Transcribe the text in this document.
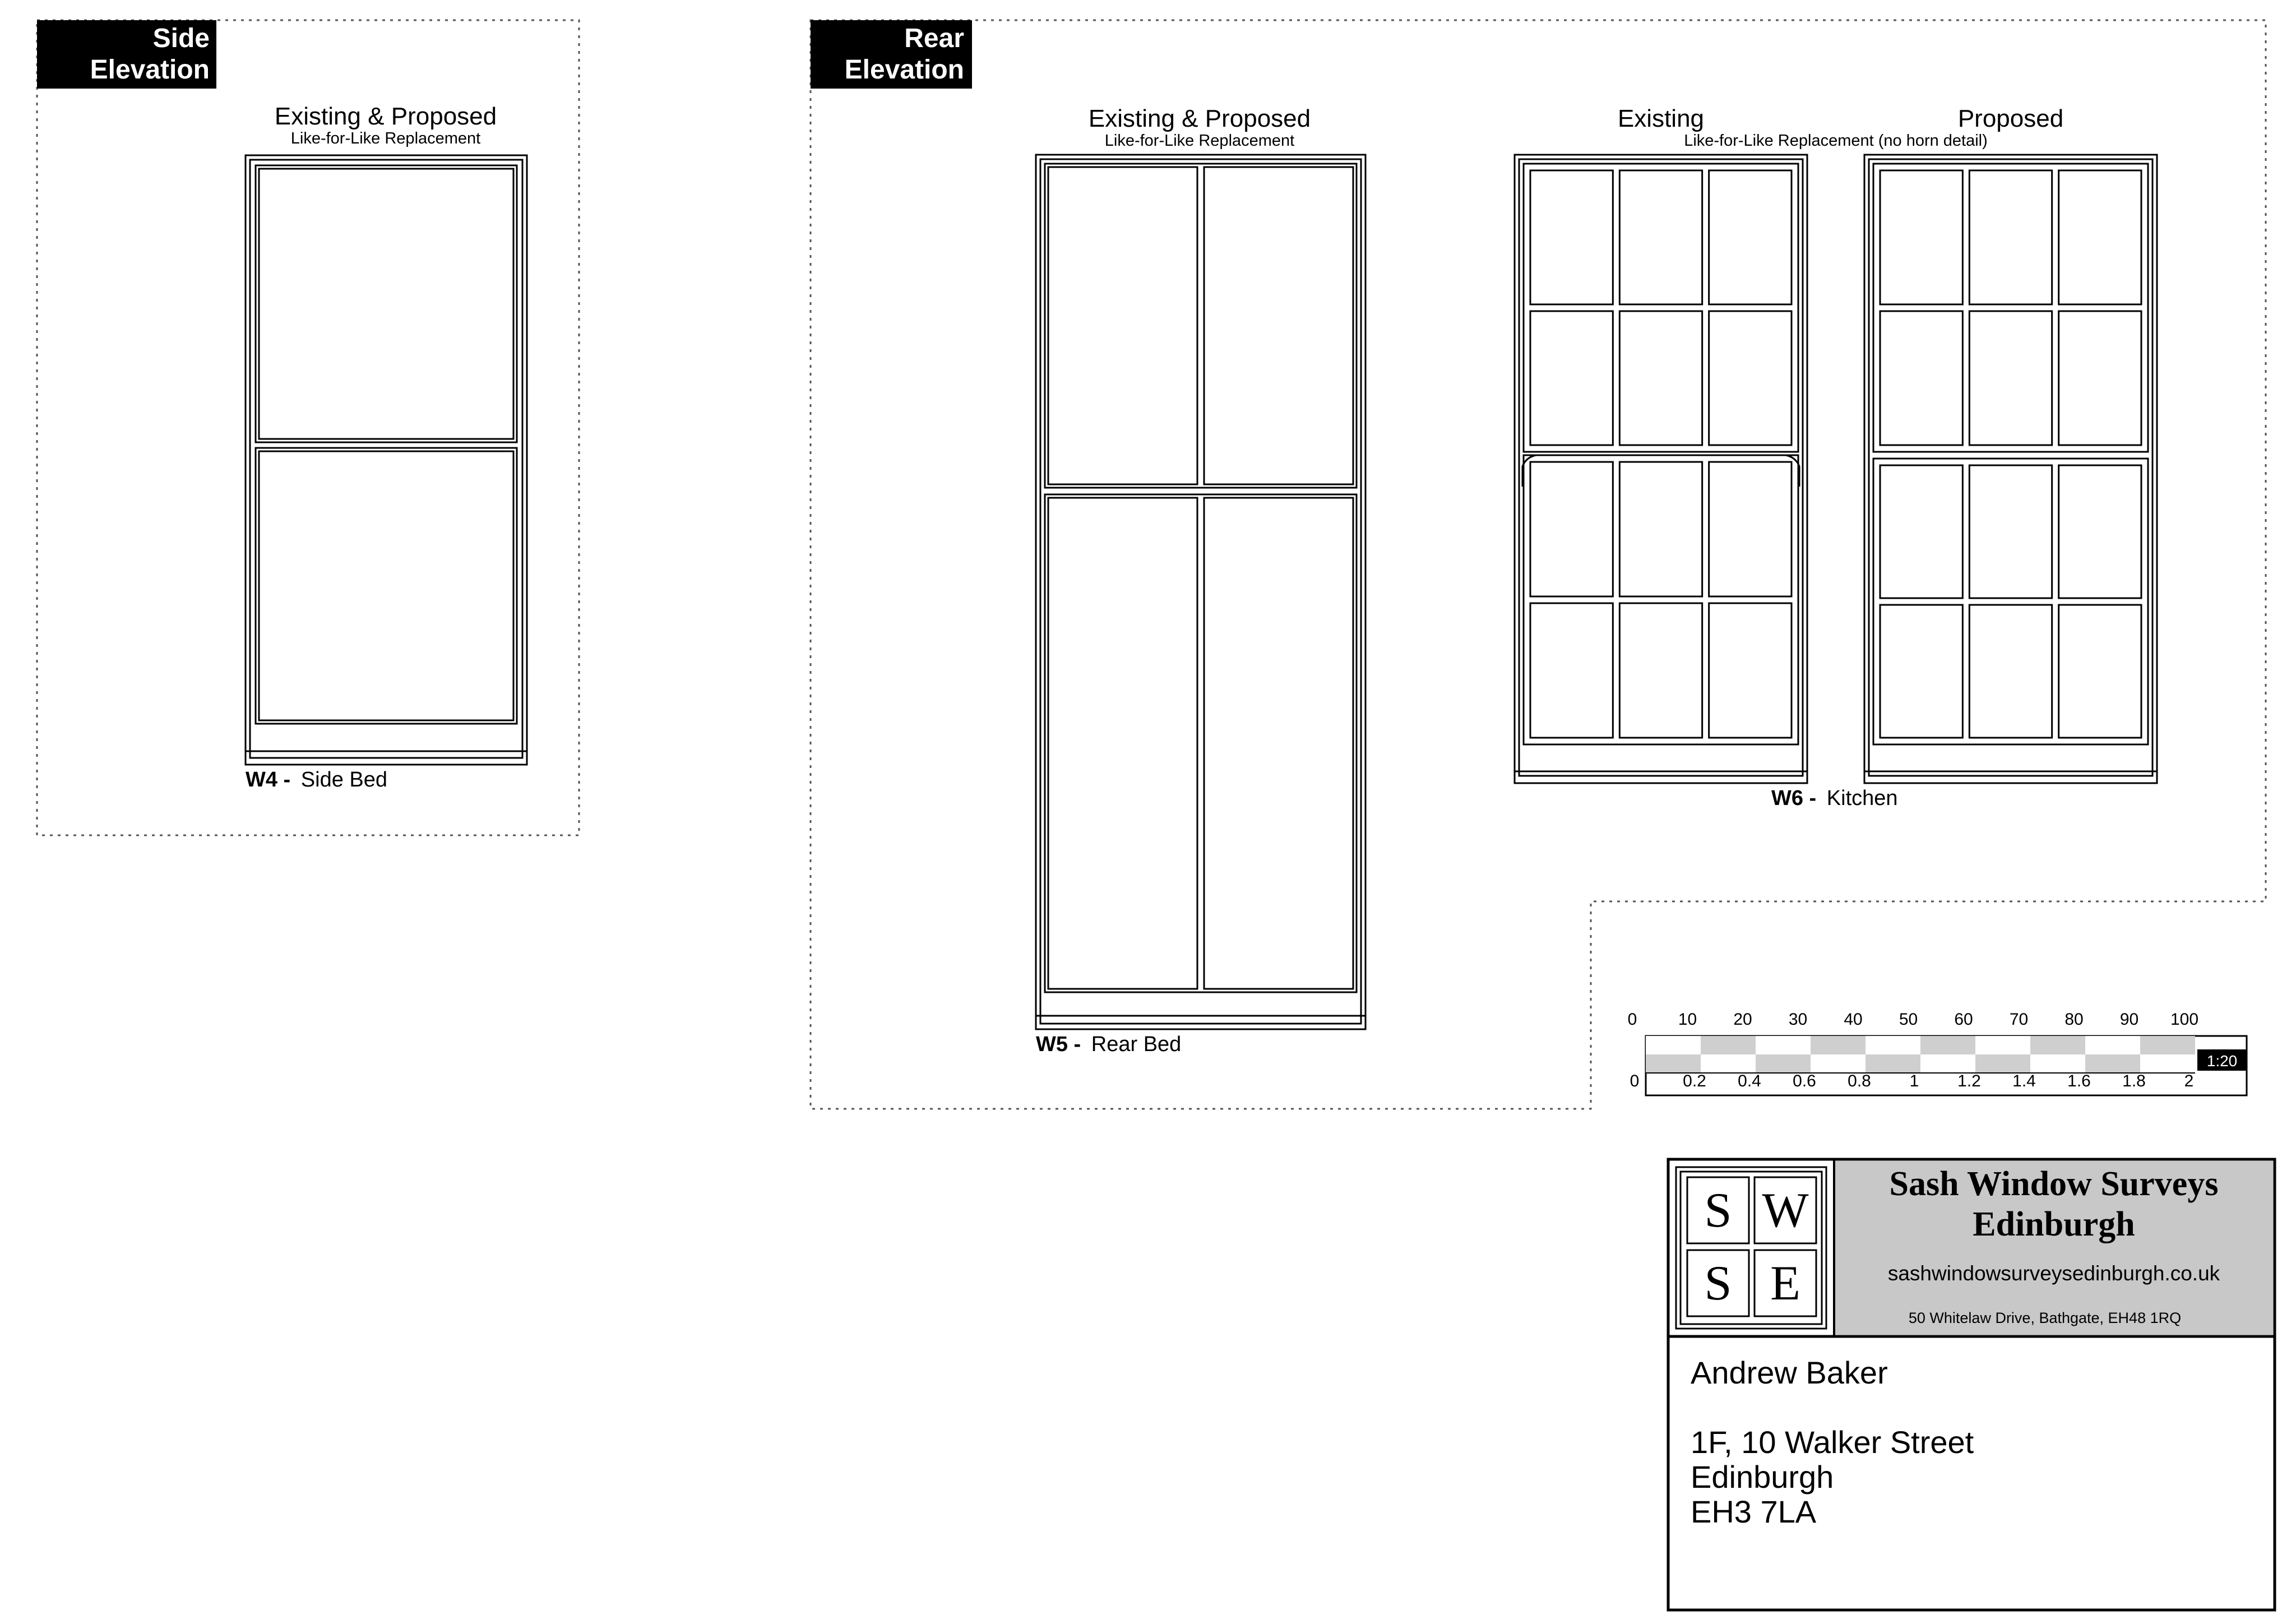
Side
Elevation
Existing & Proposed
Like-for-Like Replacement
W4 - Side Bed
Rear
Elevation
Existing & Proposed
Like-for-Like Replacement
W5 - Rear Bed
Existing	Proposed
Like-for-Like Replacement (no horn detail)
W6 - Kitchen
0 10 20 30 40 50 60 70 80 90 100
1:20
0	0.2 0.4 0.6 0.8 1 1.2 1.4 1.6 1.8 2
S W
S E
Sash Window Surveys
Edinburgh
sashwindowsurveysedinburgh.co.uk
50 Whitelaw Drive, Bathgate, EH48 1RQ
Andrew Baker
1F, 10 Walker Street
Edinburgh
EH3 7LA
